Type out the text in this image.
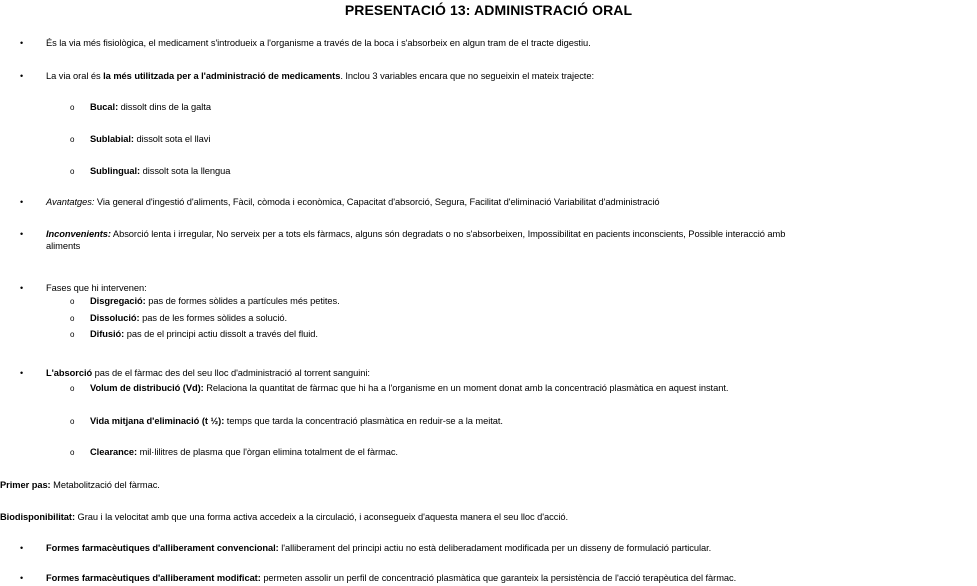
PRESENTACIÓ 13: ADMINISTRACIÓ ORAL
• És la via més fisiològica, el medicament s'introdueix a l'organisme a través de la boca i s'absorbeix en algun tram de el tracte digestiu.
• La via oral és la més utilitzada per a l'administració de medicaments. Inclou 3 variables encara que no segueixin el mateix trajecte:
o Bucal: dissolt dins de la galta
o Sublabial: dissolt sota el llavi
o Sublingual: dissolt sota la llengua
• Avantatges: Via general d'ingestió d'aliments, Fàcil, còmoda i econòmica, Capacitat d'absorció, Segura, Facilitat d'eliminació Variabilitat d'administració
• Inconvenients: Absorció lenta i irregular, No serveix per a tots els fàrmacs, alguns són degradats o no s'absorbeixen, Impossibilitat en pacients inconscients, Possible interacció amb
aliments
• Fases que hi intervenen:
o Disgregació: pas de formes sòlides a partícules més petites.
o Dissolució: pas de les formes sòlides a solució.
o Difusió: pas de el principi actiu dissolt a través del fluid.
• L'absorció pas de el fàrmac des del seu lloc d'administració al torrent sanguini:
o Volum de distribució (Vd): Relaciona la quantitat de fàrmac que hi ha a l'organisme en un moment donat amb la concentració plasmàtica en aquest instant.
o Vida mitjana d'eliminació (t ½): temps que tarda la concentració plasmàtica en reduir-se a la meitat.
o Clearance: mil·lilitres de plasma que l'òrgan elimina totalment de el fàrmac.
Primer pas: Metabolització del fàrmac.
Biodisponibilitat: Grau i la velocitat amb que una forma activa accedeix a la circulació, i aconsegueix d'aquesta manera el seu lloc d'acció.
• Formes farmacèutiques d'alliberament convencional: l'alliberament del principi actiu no està deliberadament modificada per un disseny de formulació particular.
• Formes farmacèutiques d'alliberament modificat: permeten assolir un perfil de concentració plasmàtica que garanteix la persistència de l'acció terapèutica del fàrmac.
